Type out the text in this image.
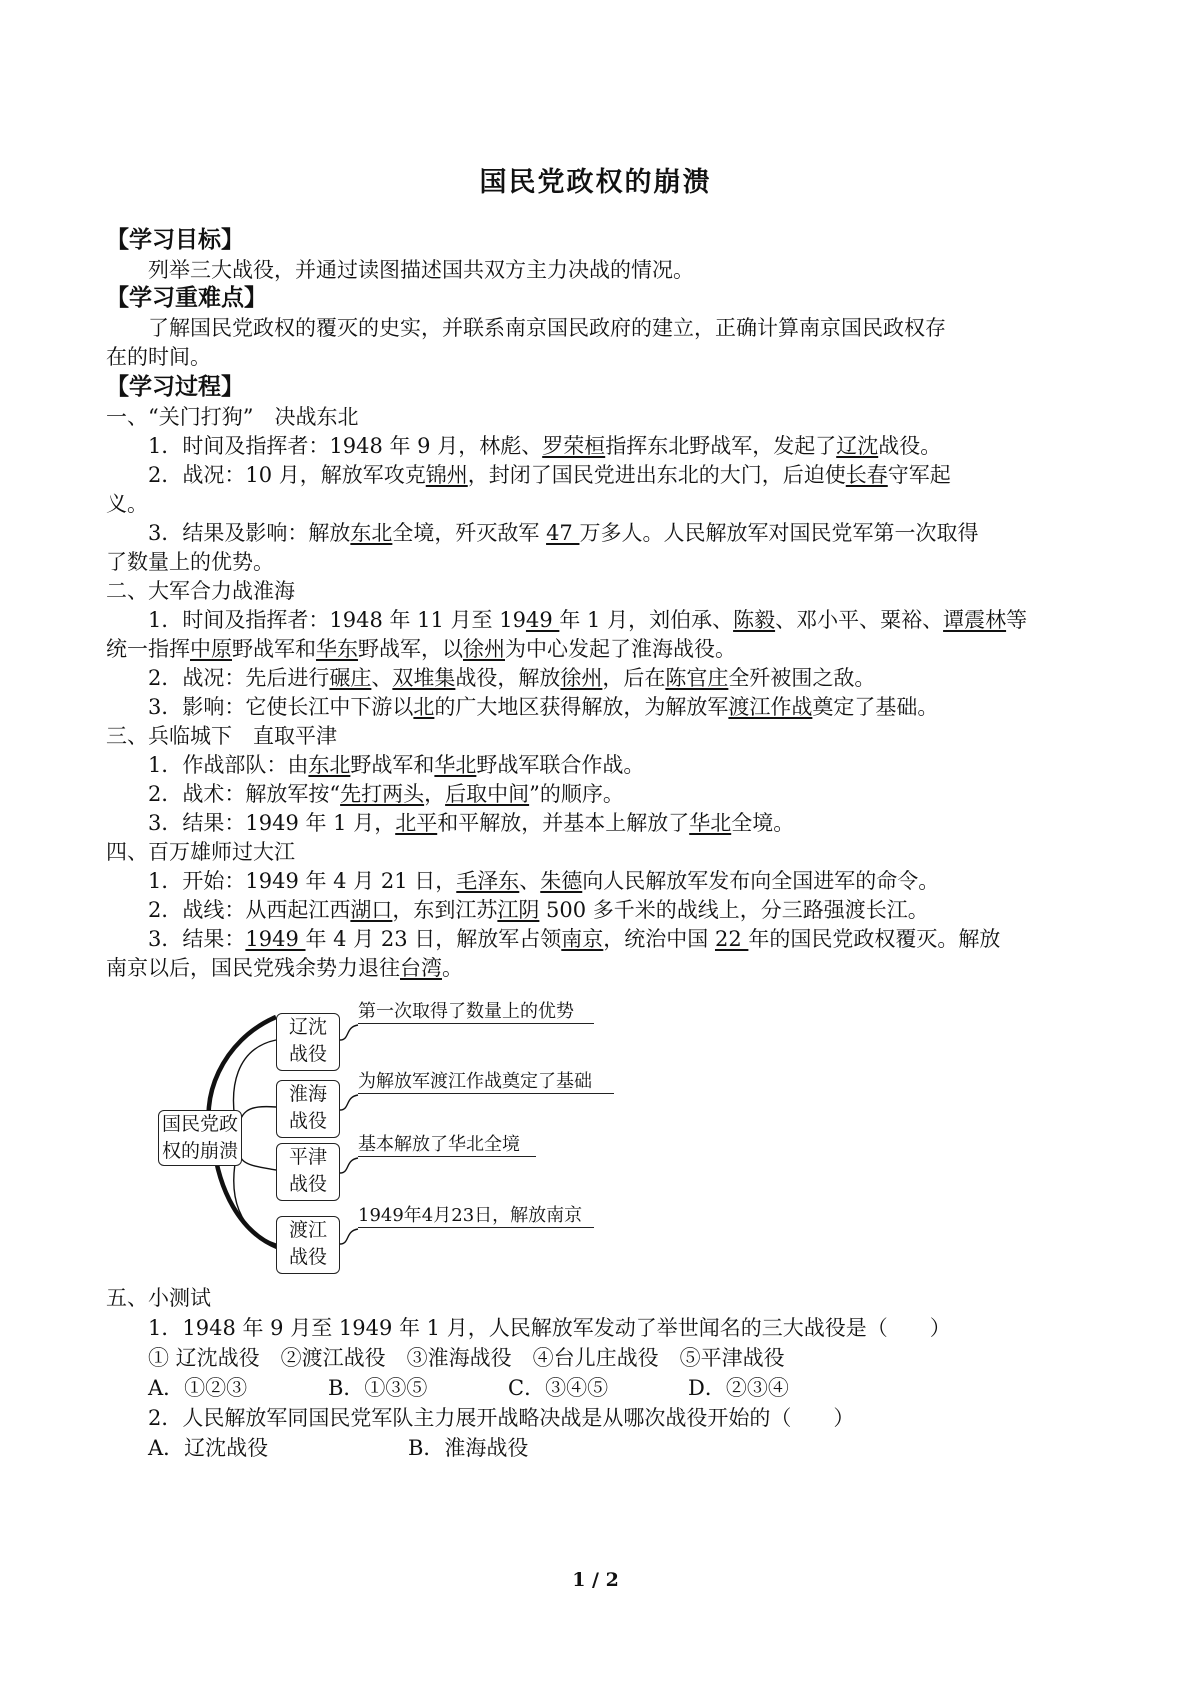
国民党政权的崩溃
【学习目标】
列举三大战役，并通过读图描述国共双方主力决战的情况。
【学习重难点】
了解国民党政权的覆灭的史实，并联系南京国民政府的建立，正确计算南京国民政权存
在的时间。
【学习过程】
一、“关门打狗”　决战东北
1．时间及指挥者：1948 年 9 月，林彪、罗荣桓指挥东北野战军，发起了辽沈战役。
2．战况：10 月，解放军攻克锦州，封闭了国民党进出东北的大门，后迫使长春守军起
义。
3．结果及影响：解放东北全境，歼灭敌军 47 万多人。人民解放军对国民党军第一次取得
了数量上的优势。
二、大军合力战淮海
1．时间及指挥者：1948 年 11 月至 1949 年 1 月，刘伯承、陈毅、邓小平、粟裕、谭震林等
统一指挥中原野战军和华东野战军，以徐州为中心发起了淮海战役。
2．战况：先后进行碾庄、双堆集战役，解放徐州，后在陈官庄全歼被围之敌。
3．影响：它使长江中下游以北的广大地区获得解放，为解放军渡江作战奠定了基础。
三、兵临城下　直取平津
1．作战部队：由东北野战军和华北野战军联合作战。
2．战术：解放军按“先打两头，后取中间”的顺序。
3．结果：1949 年 1 月，北平和平解放，并基本上解放了华北全境。
四、百万雄师过大江
1．开始：1949 年 4 月 21 日，毛泽东、朱德向人民解放军发布向全国进军的命令。
2．战线：从西起江西湖口，东到江苏江阴 500 多千米的战线上，分三路强渡长江。
3．结果：1949 年 4 月 23 日，解放军占领南京，统治中国 22 年的国民党政权覆灭。解放
南京以后，国民党残余势力退往台湾。
国民党政
权的崩溃
辽沈
战役
第一次取得了数量上的优势
淮海
战役
为解放军渡江作战奠定了基础
平津
战役
基本解放了华北全境
渡江
战役
1949年4月23日，解放南京
五、小测试
1．1948 年 9 月至 1949 年 1 月，人民解放军发动了举世闻名的三大战役是（　　）
① 辽沈战役　②渡江战役　③淮海战役　④台儿庄战役　⑤平津战役
A．①②③	B．①③⑤	C．③④⑤	D．②③④
2．人民解放军同国民党军队主力展开战略决战是从哪次战役开始的（　　）
A．辽沈战役	B．淮海战役
1 / 2
